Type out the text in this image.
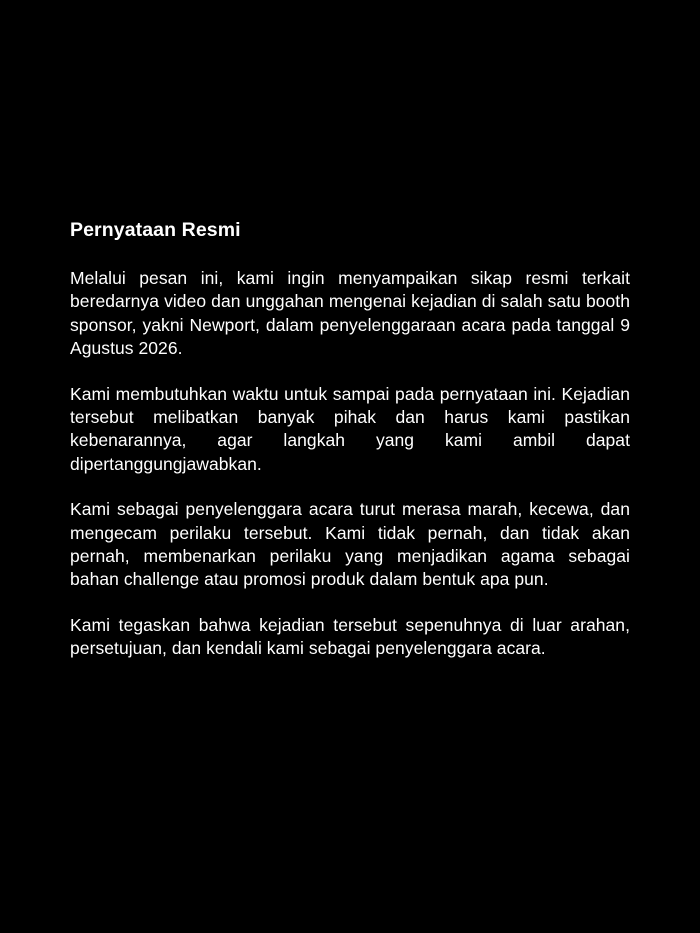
Pernyataan Resmi

Melalui pesan ini, kami ingin menyampaikan sikap resmi terkait beredarnya video dan unggahan mengenai kejadian di salah satu booth sponsor, yakni Newport, dalam penyelenggaraan acara pada tanggal 9 Agustus 2026.

Kami membutuhkan waktu untuk sampai pada pernyataan ini. Kejadian tersebut melibatkan banyak pihak dan harus kami pastikan kebenarannya, agar langkah yang kami ambil dapat dipertanggungjawabkan.

Kami sebagai penyelenggara acara turut merasa marah, kecewa, dan mengecam perilaku tersebut. Kami tidak pernah, dan tidak akan pernah, membenarkan perilaku yang menjadikan agama sebagai bahan challenge atau promosi produk dalam bentuk apa pun.

Kami tegaskan bahwa kejadian tersebut sepenuhnya di luar arahan, persetujuan, dan kendali kami sebagai penyelenggara acara.
